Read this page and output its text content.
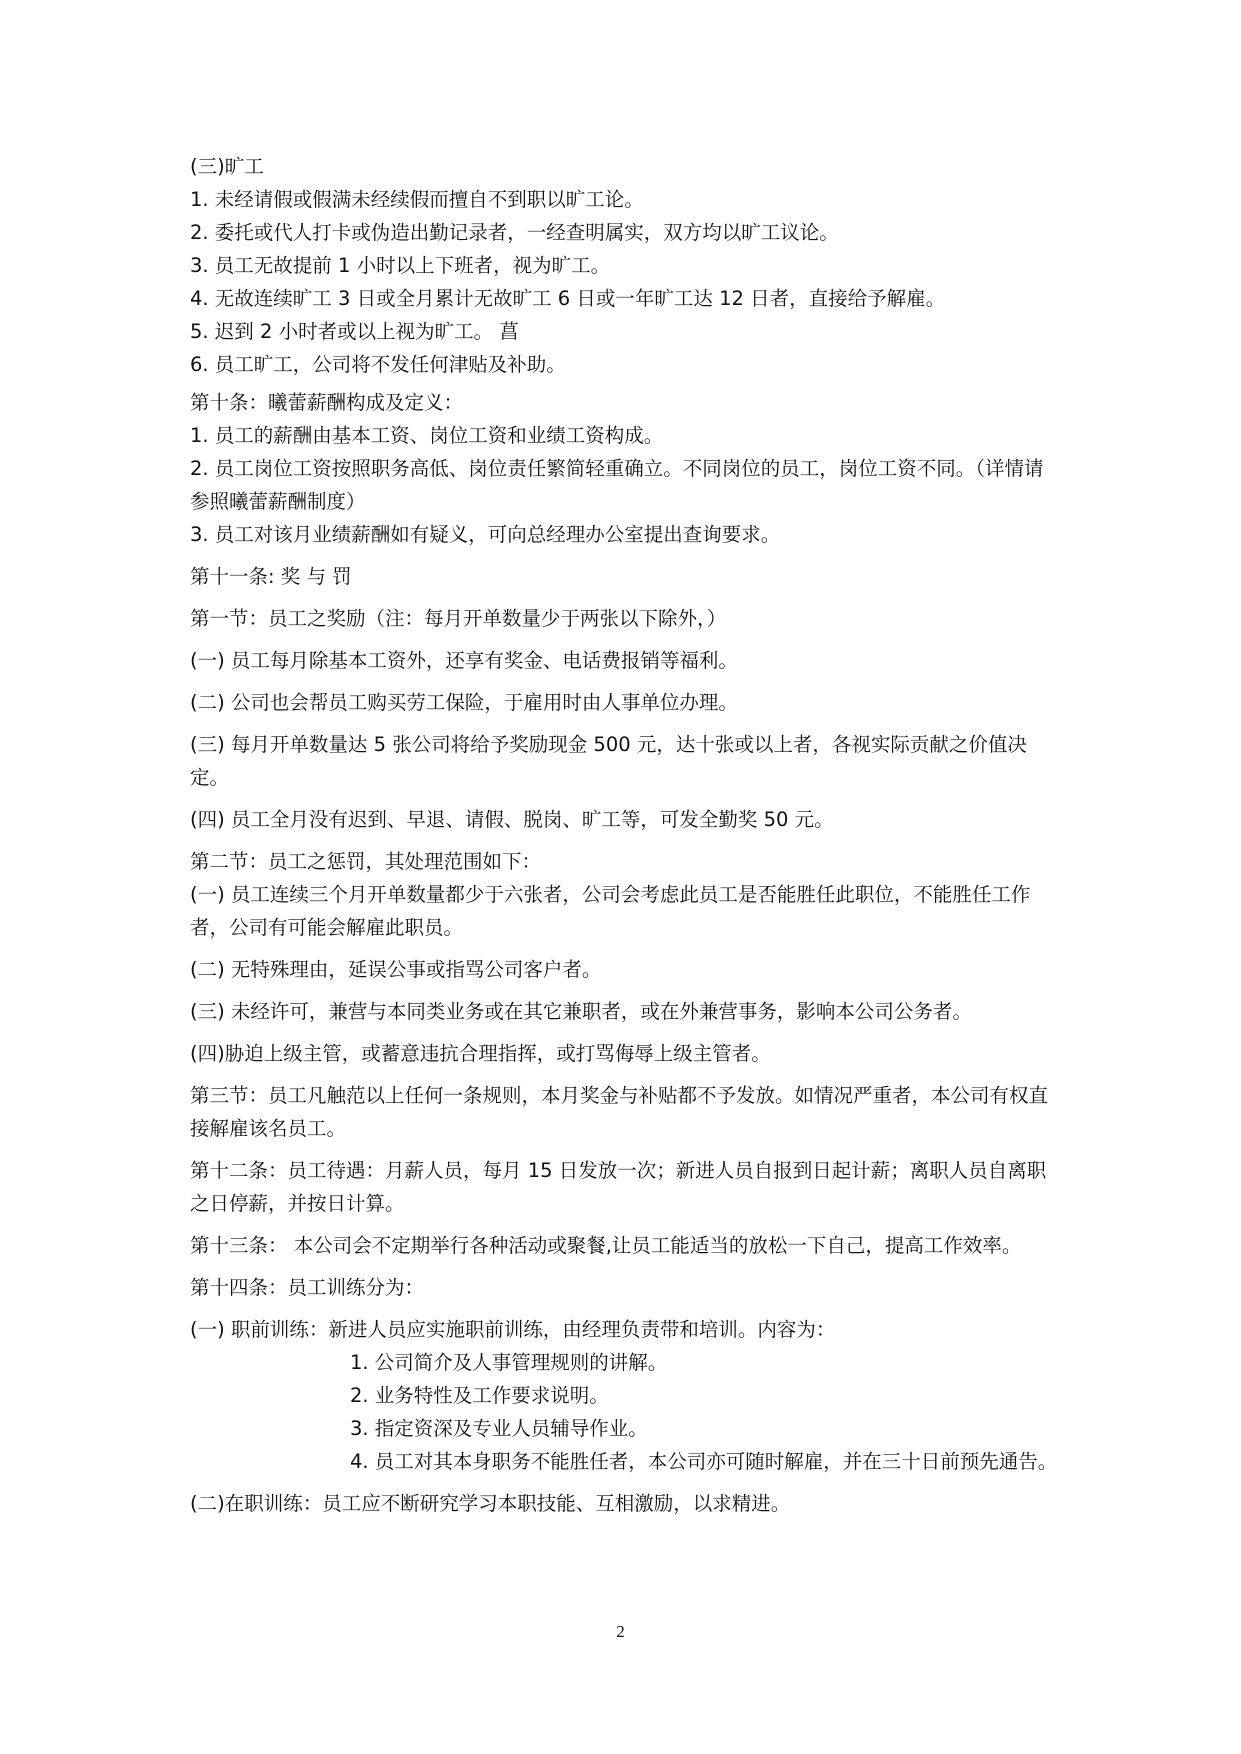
(三)旷工

1. 未经请假或假满未经续假而擅自不到职以旷工论。

2. 委托或代人打卡或伪造出勤记录者，一经查明属实，双方均以旷工议论。

3. 员工无故提前 1 小时以上下班者，视为旷工。

4. 无故连续旷工 3 日或全月累计无故旷工 6 日或一年旷工达 12 日者，直接给予解雇。

5. 迟到 2 小时者或以上视为旷工。 菖

6. 员工旷工，公司将不发任何津贴及补助。

第十条：曦蕾薪酬构成及定义：

1. 员工的薪酬由基本工资、岗位工资和业绩工资构成。

2. 员工岗位工资按照职务高低、岗位责任繁简轻重确立。不同岗位的员工，岗位工资不同。（详情请参照曦蕾薪酬制度）

3. 员工对该月业绩薪酬如有疑义，可向总经理办公室提出查询要求。

第十一条: 奖 与 罚

第一节：员工之奖励（注：每月开单数量少于两张以下除外，）

(一) 员工每月除基本工资外，还享有奖金、电话费报销等福利。

(二) 公司也会帮员工购买劳工保险，于雇用时由人事单位办理。

(三) 每月开单数量达 5 张公司将给予奖励现金 500 元，达十张或以上者，各视实际贡献之价值决定。

(四) 员工全月没有迟到、早退、请假、脱岗、旷工等，可发全勤奖 50 元。

第二节：员工之惩罚，其处理范围如下：

(一) 员工连续三个月开单数量都少于六张者，公司会考虑此员工是否能胜任此职位，不能胜任工作者，公司有可能会解雇此职员。

(二) 无特殊理由，延误公事或指骂公司客户者。

(三) 未经许可，兼营与本同类业务或在其它兼职者，或在外兼营事务，影响本公司公务者。

(四)胁迫上级主管，或蓄意违抗合理指挥，或打骂侮辱上级主管者。

第三节：员工凡触范以上任何一条规则，本月奖金与补贴都不予发放。如情况严重者，本公司有权直接解雇该名员工。

第十二条：员工待遇：月薪人员，每月 15 日发放一次；新进人员自报到日起计薪；离职人员自离职之日停薪，并按日计算。

第十三条： 本公司会不定期举行各种活动或聚餐,让员工能适当的放松一下自己，提高工作效率。

第十四条：员工训练分为：

(一) 职前训练：新进人员应实施职前训练，由经理负责带和培训。内容为：

1. 公司简介及人事管理规则的讲解。

2. 业务特性及工作要求说明。

3. 指定资深及专业人员辅导作业。

4. 员工对其本身职务不能胜任者，本公司亦可随时解雇，并在三十日前预先通告。

(二)在职训练：员工应不断研究学习本职技能、互相激励，以求精进。

2
